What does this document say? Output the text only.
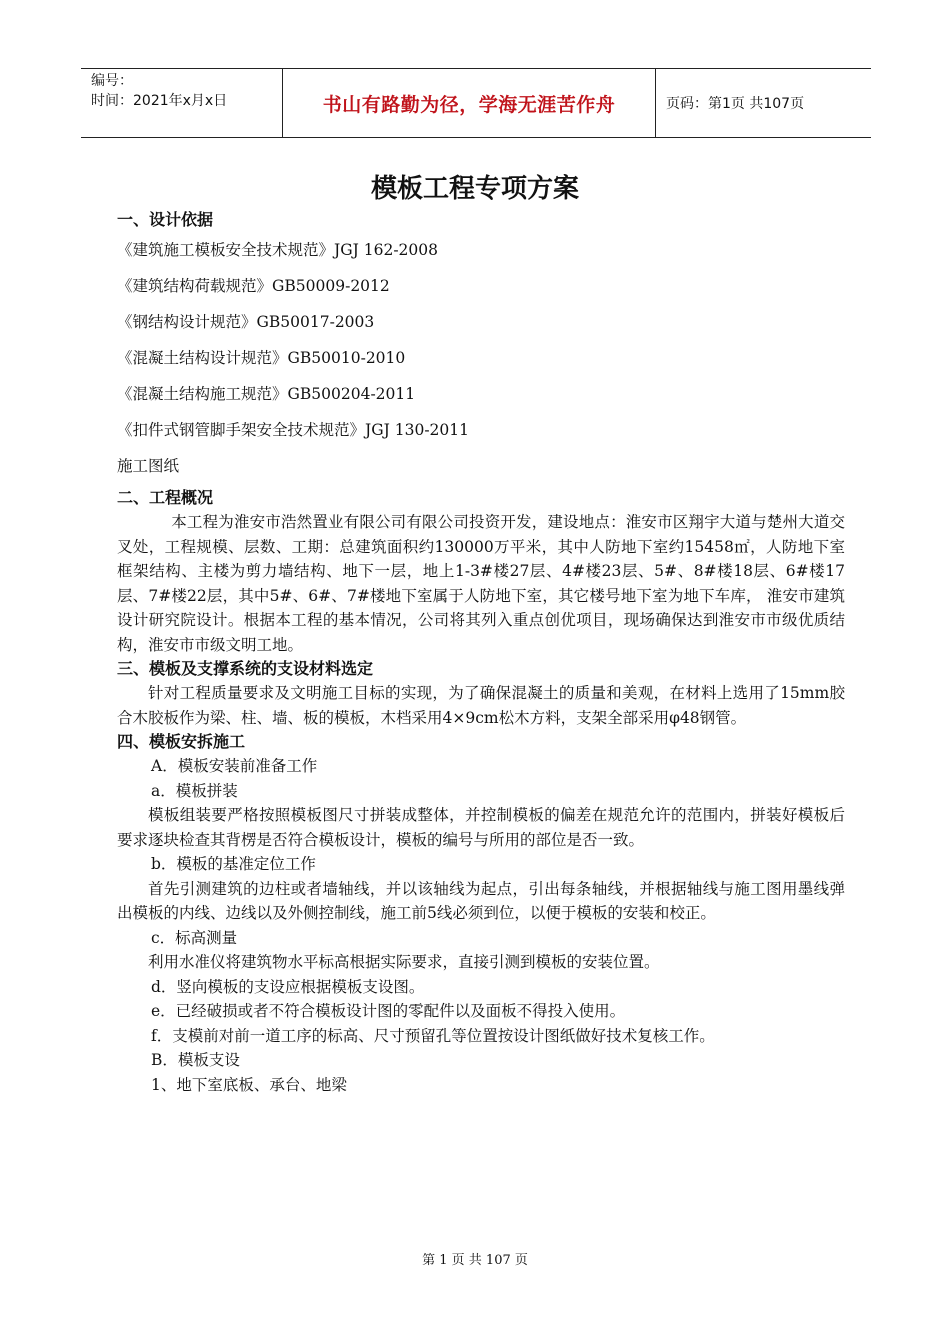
编号：
时间：2021年x月x日	书山有路勤为径，学海无涯苦作舟	页码：第1页 共107页
模板工程专项方案

一、设计依据

《建筑施工模板安全技术规范》JGJ 162-2008

《建筑结构荷载规范》GB50009-2012

《钢结构设计规范》GB50017-2003

《混凝土结构设计规范》GB50010-2010

《混凝土结构施工规范》GB500204-2011

《扣件式钢管脚手架安全技术规范》JGJ 130-2011

施工图纸

二、工程概况

本工程为淮安市浩然置业有限公司有限公司投资开发，建设地点：淮安市区翔宇大道与楚州大道交叉处，工程规模、层数、工期：总建筑面积约130000万平米，其中人防地下室约15458㎡，人防地下室框架结构、主楼为剪力墙结构、地下一层，地上1-3#楼27层、4#楼23层、5#、8#楼18层、6#楼17层、7#楼22层，其中5#、6#、7#楼地下室属于人防地下室，其它楼号地下室为地下车库， 淮安市建筑设计研究院设计。根据本工程的基本情况，公司将其列入重点创优项目，现场确保达到淮安市市级优质结构，淮安市市级文明工地。

三、模板及支撑系统的支设材料选定

针对工程质量要求及文明施工目标的实现，为了确保混凝土的质量和美观，在材料上选用了15mm胶合木胶板作为梁、柱、墙、板的模板，木档采用4×9cm松木方料，支架全部采用φ48钢管。

四、模板安拆施工

A．模板安装前准备工作

a．模板拼装

模板组装要严格按照模板图尺寸拼装成整体，并控制模板的偏差在规范允许的范围内，拼装好模板后要求逐块检查其背楞是否符合模板设计，模板的编号与所用的部位是否一致。

b．模板的基准定位工作

首先引测建筑的边柱或者墙轴线，并以该轴线为起点，引出每条轴线，并根据轴线与施工图用墨线弹出模板的内线、边线以及外侧控制线，施工前5线必须到位，以便于模板的安装和校正。

c．标高测量

利用水准仪将建筑物水平标高根据实际要求，直接引测到模板的安装位置。

d．竖向模板的支设应根据模板支设图。

e．已经破损或者不符合模板设计图的零配件以及面板不得投入使用。

f．支模前对前一道工序的标高、尺寸预留孔等位置按设计图纸做好技术复核工作。

B．模板支设

1、地下室底板、承台、地梁

第 1 页 共 107 页
